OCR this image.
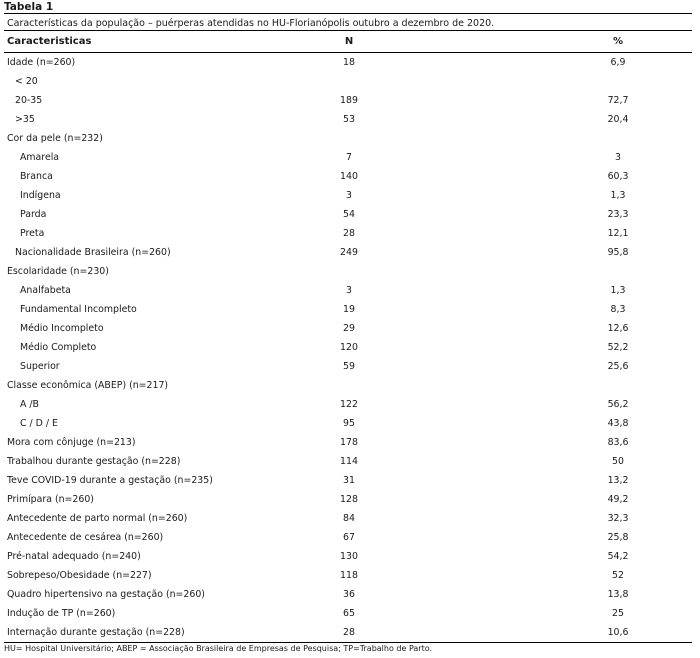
Tabela 1
Características da população – puérperas atendidas no HU-Florianópolis outubro a dezembro de 2020.
Caracteristicas	N		%
Idade (n=260)	18		6,9
< 20			
20-35	189		72,7
>35	53		20,4
Cor da pele (n=232)			
Amarela	7		3
Branca	140		60,3
Indígena	3		1,3
Parda	54		23,3
Preta	28		12,1
Nacionalidade Brasileira (n=260)	249		95,8
Escolaridade (n=230)			
Analfabeta	3		1,3
Fundamental Incompleto	19		8,3
Médio Incompleto	29		12,6
Médio Completo	120		52,2
Superior	59		25,6
Classe econômica (ABEP) (n=217)			
A /B	122		56,2
C / D / E	95		43,8
Mora com cônjuge (n=213)	178		83,6
Trabalhou durante gestação (n=228)	114		50
Teve COVID-19 durante a gestação (n=235)	31		13,2
Primípara (n=260)	128		49,2
Antecedente de parto normal (n=260)	84		32,3
Antecedente de cesárea (n=260)	67		25,8
Pré-natal adequado (n=240)	130		54,2
Sobrepeso/Obesidade (n=227)	118		52
Quadro hipertensivo na gestação (n=260)	36		13,8
Indução de TP (n=260)	65		25
Internação durante gestação (n=228)	28		10,6
HU= Hospital Universitário; ABEP = Associação Brasileira de Empresas de Pesquisa; TP=Trabalho de Parto.
